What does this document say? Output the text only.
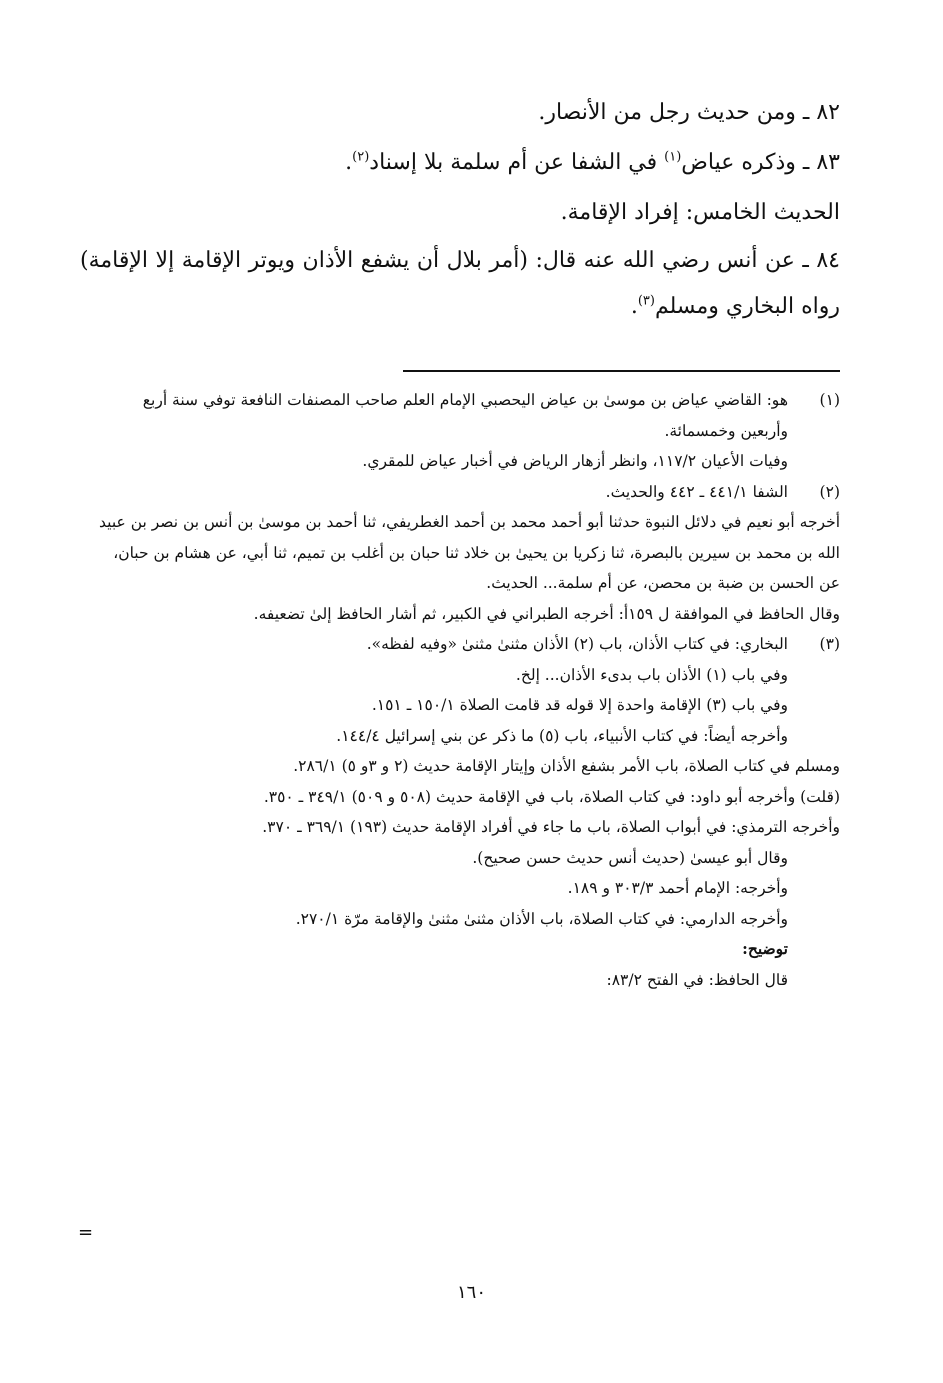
٨٢ ـ ومن حديث رجل من الأنصار.

٨٣ ـ وذكره عياض$^{(١)}$ في الشفا عن أم سلمة بلا إسناد$^{(٢)}$.

الحديث الخامس: إفراد الإقامة.

٨٤ ـ عن أنس رضي الله عنه قال: (أمر بلال أن يشفع الأذان ويوتر الإقامة إلا الإقامة) رواه البخاري ومسلم$^{(٣)}$.

(١)

هو: القاضي عياض بن موسىٰ بن عياض اليحصبي الإمام العلم صاحب المصنفات النافعة توفي سنة أربع وأربعين وخمسمائة.

وفيات الأعيان ١١٧/٢، وانظر أزهار الرياض في أخبار عياض للمقري.

(٢)

الشفا ٤٤١/١ ـ ٤٤٢ والحديث.

أخرجه أبو نعيم في دلائل النبوة حدثنا أبو أحمد محمد بن أحمد الغطريفي، ثنا أحمد بن موسىٰ بن أنس بن نصر بن عبيد الله بن محمد بن سيرين بالبصرة، ثنا زكريا بن يحيىٰ بن خلاد ثنا حبان بن أغلب بن تميم، ثنا أبي، عن هشام بن حبان، عن الحسن بن ضبة بن محصن، عن أم سلمة... الحديث.

وقال الحافظ في الموافقة ل ١٥٩أ: أخرجه الطبراني في الكبير، ثم أشار الحافظ إلىٰ تضعيفه.

(٣)

البخاري: في كتاب الأذان، باب (٢) الأذان مثنىٰ مثنىٰ «وفيه لفظه».

وفي باب (١) الأذان باب بدىء الأذان... إلخ.

وفي باب (٣) الإقامة واحدة إلا قوله قد قامت الصلاة ١٥٠/١ ـ ١٥١.

وأخرجه أيضاً: في كتاب الأنبياء، باب (٥) ما ذكر عن بني إسرائيل ١٤٤/٤.

ومسلم في كتاب الصلاة، باب الأمر بشفع الأذان وإيتار الإقامة حديث (٢ و ٣و ٥) ٢٨٦/١.

(قلت) وأخرجه أبو داود: في كتاب الصلاة، باب في الإقامة حديث (٥٠٨ و ٥٠٩) ٣٤٩/١ ـ ٣٥٠.

وأخرجه الترمذي: في أبواب الصلاة، باب ما جاء في أفراد الإقامة حديث (١٩٣) ٣٦٩/١ ـ ٣٧٠.

وقال أبو عيسىٰ (حديث أنس حديث حسن صحيح).

وأخرجه: الإمام أحمد ٣٠٣/٣ و ١٨٩.

وأخرجه الدارمي: في كتاب الصلاة، باب الأذان مثنىٰ مثنىٰ والإقامة مرّة ٢٧٠/١.

توضيح:

قال الحافظ: في الفتح ٨٣/٢:

=
١٦٠
